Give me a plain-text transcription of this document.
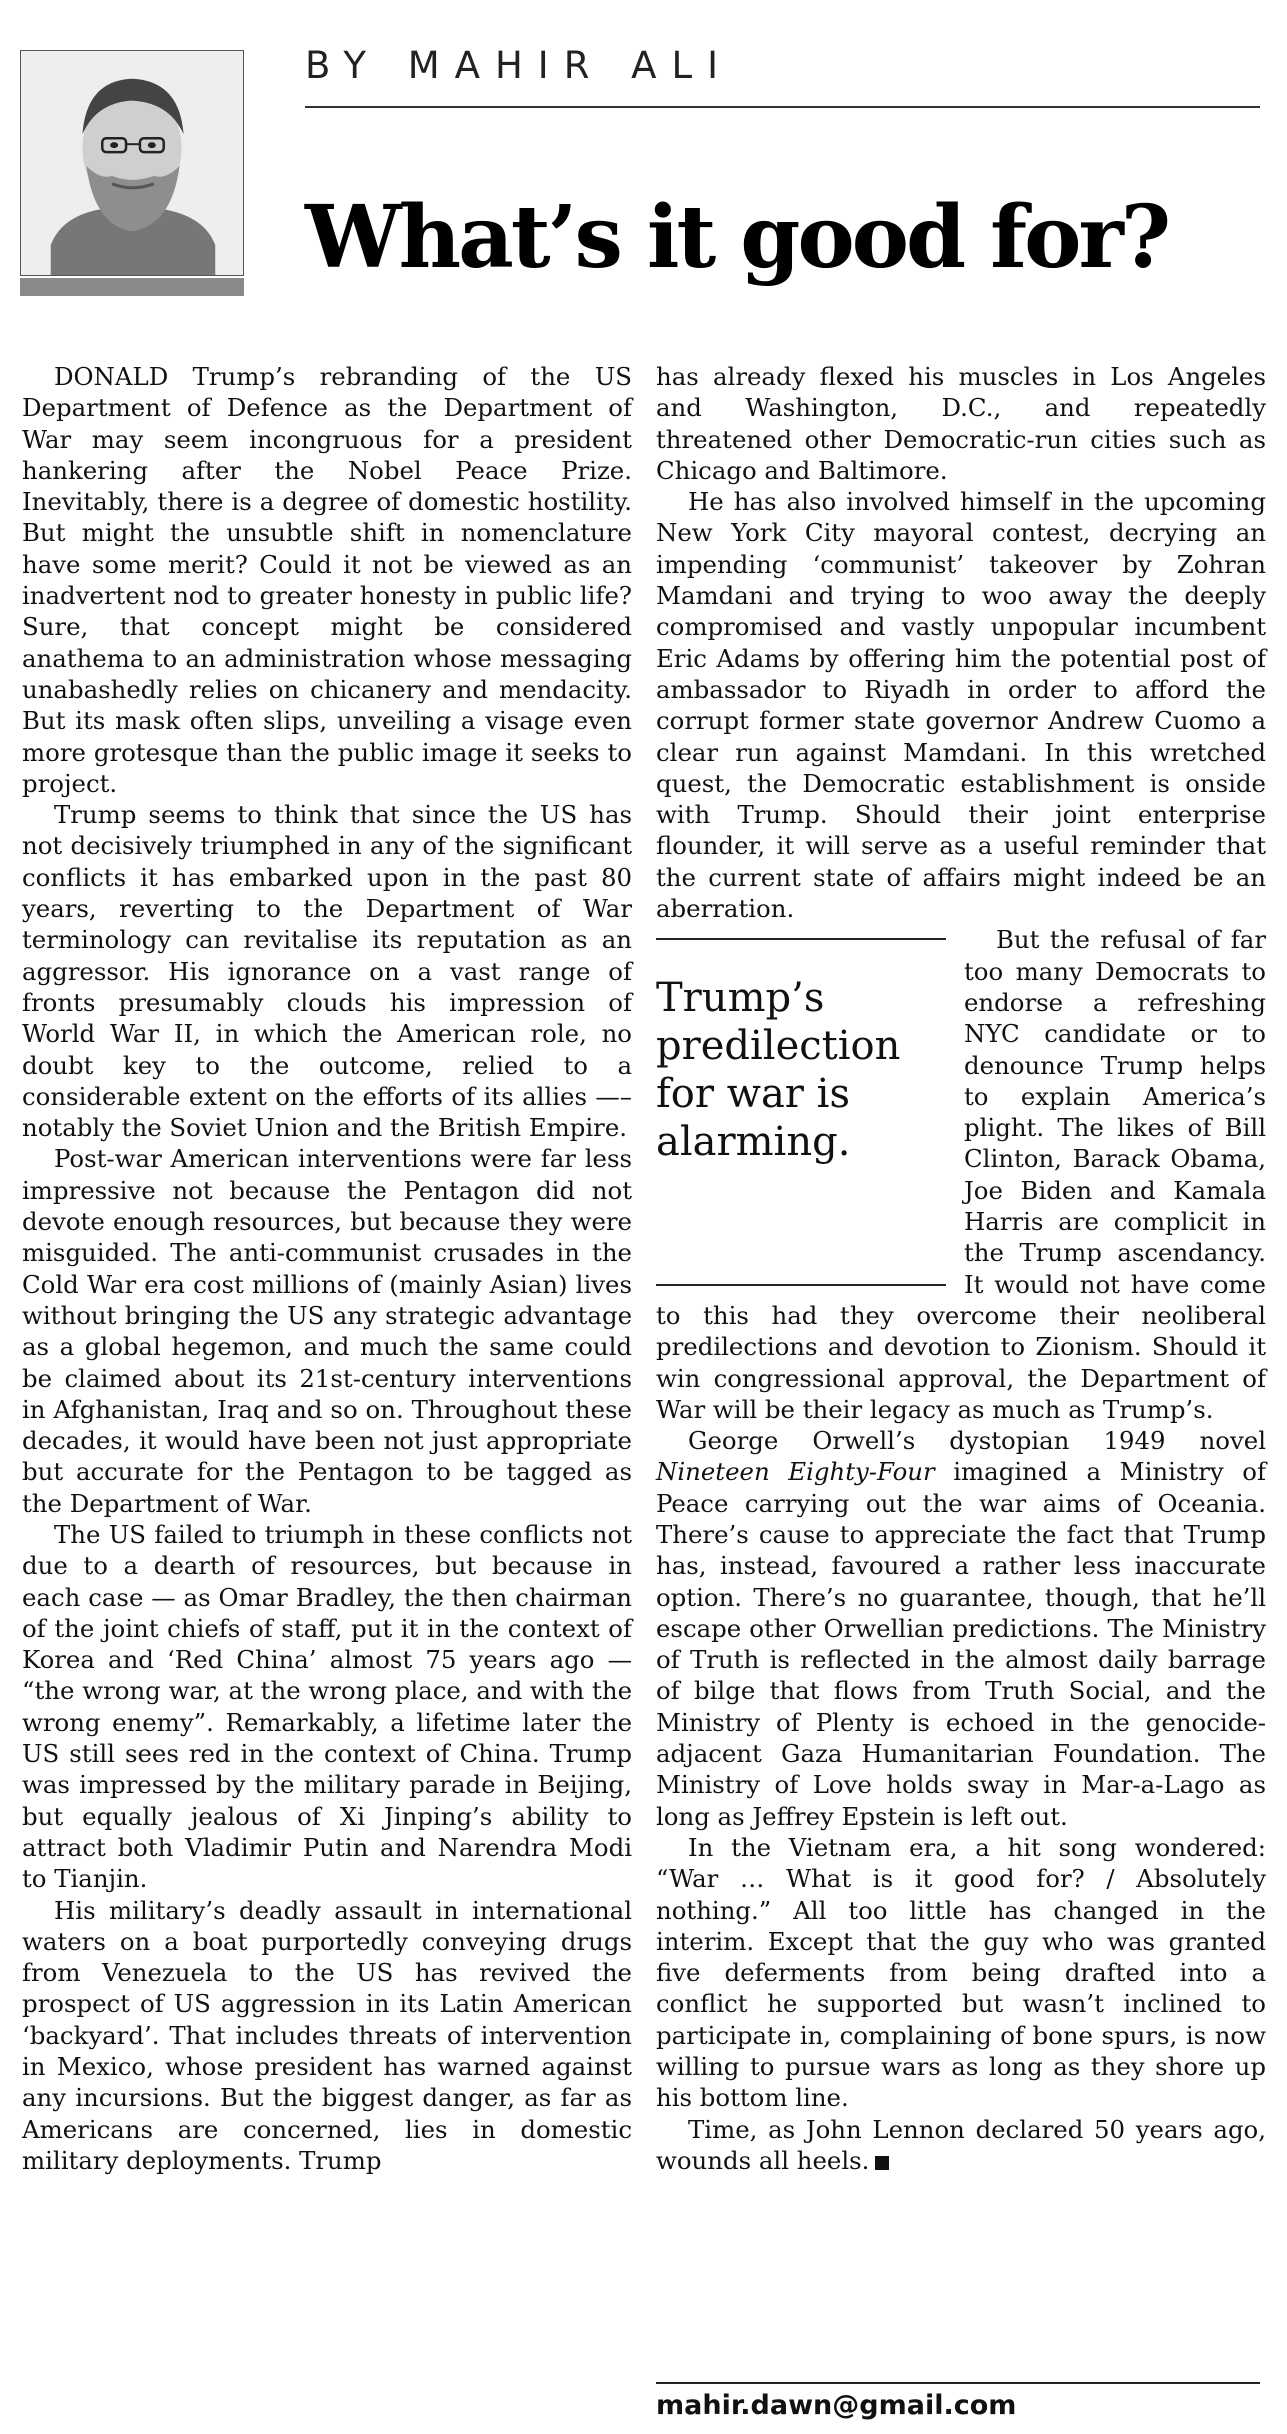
BY MAHIR ALI
What’s it good for?

DONALD Trump’s rebranding of the US Department of Defence as the Department of War may seem incongruous for a president hankering after the Nobel Peace Prize. Inevitably, there is a degree of domestic hostility. But might the unsubtle shift in nomenclature have some merit? Could it not be viewed as an inadvertent nod to greater honesty in public life? Sure, that concept might be considered anathema to an administration whose messaging unabashedly relies on chicanery and mendacity. But its mask often slips, unveiling a visage even more grotesque than the public image it seeks to project.

Trump seems to think that since the US has not decisively triumphed in any of the significant conflicts it has embarked upon in the past 80 years, reverting to the Department of War terminology can revitalise its reputation as an aggressor. His ignorance on a vast range of fronts presumably clouds his impression of World War II, in which the American role, no doubt key to the outcome, relied to a considerable extent on the efforts of its allies —– notably the Soviet Union and the British Empire.

Post-war American interventions were far less impressive not because the Pentagon did not devote enough resources, but because they were misguided. The anti-communist crusades in the Cold War era cost millions of (mainly Asian) lives without bringing the US any strategic advantage as a global hegemon, and much the same could be claimed about its 21st-century interventions in Afghanistan, Iraq and so on. Throughout these decades, it would have been not just appropriate but accurate for the Pentagon to be tagged as the Department of War.

The US failed to triumph in these conflicts not due to a dearth of resources, but because in each case — as Omar Bradley, the then chairman of the joint chiefs of staff, put it in the context of Korea and ‘Red China’ almost 75 years ago — “the wrong war, at the wrong place, and with the wrong enemy”. Remarkably, a lifetime later the US still sees red in the context of China. Trump was impressed by the military parade in Beijing, but equally jealous of Xi Jinping’s ability to attract both Vladimir Putin and Narendra Modi to Tianjin.

His military’s deadly assault in international waters on a boat purportedly conveying drugs from Venezuela to the US has revived the prospect of US aggression in its Latin American ‘backyard’. That includes threats of intervention in Mexico, whose president has warned against any incursions. But the biggest danger, as far as Americans are concerned, lies in domestic military deployments. Trump

has already flexed his muscles in Los Angeles and Washington, D.C., and repeatedly threatened other Democratic-run cities such as Chicago and Baltimore.

He has also involved himself in the upcoming New York City mayoral contest, decrying an impending ‘communist’ takeover by Zohran Mamdani and trying to woo away the deeply compromised and vastly unpopular incumbent Eric Adams by offering him the potential post of ambassador to Riyadh in order to afford the corrupt former state governor Andrew Cuomo a clear run against Mamdani. In this wretched quest, the Democratic establishment is onside with Trump. Should their joint enterprise flounder, it will serve as a useful reminder that the current state of affairs might indeed be an aberration.

Trump’s predilection for war is alarming.

But the refusal of far too many Democrats to endorse a refreshing NYC candidate or to denounce Trump helps to explain America’s plight. The likes of Bill Clinton, Barack Obama, Joe Biden and Kamala Harris are complicit in the Trump ascendancy. It would not have come to this had they overcome their neoliberal predilections and devotion to Zionism. Should it win congressional approval, the Department of War will be their legacy as much as Trump’s.

George Orwell’s dystopian 1949 novel Nineteen Eighty-Four imagined a Ministry of Peace carrying out the war aims of Oceania. There’s cause to appreciate the fact that Trump has, instead, favoured a rather less inaccurate option. There’s no guarantee, though, that he’ll escape other Orwellian predictions. The Ministry of Truth is reflected in the almost daily barrage of bilge that flows from Truth Social, and the Ministry of Plenty is echoed in the genocide-adjacent Gaza Humanitarian Foundation. The Ministry of Love holds sway in Mar-a-Lago as long as Jeffrey Epstein is left out.

In the Vietnam era, a hit song wondered: “War … What is it good for? / Absolutely nothing.” All too little has changed in the interim. Except that the guy who was granted five deferments from being drafted into a conflict he supported but wasn’t inclined to participate in, complaining of bone spurs, is now willing to pursue wars as long as they shore up his bottom line.

Time, as John Lennon declared 50 years ago, wounds all heels.

mahir.dawn@gmail.com
